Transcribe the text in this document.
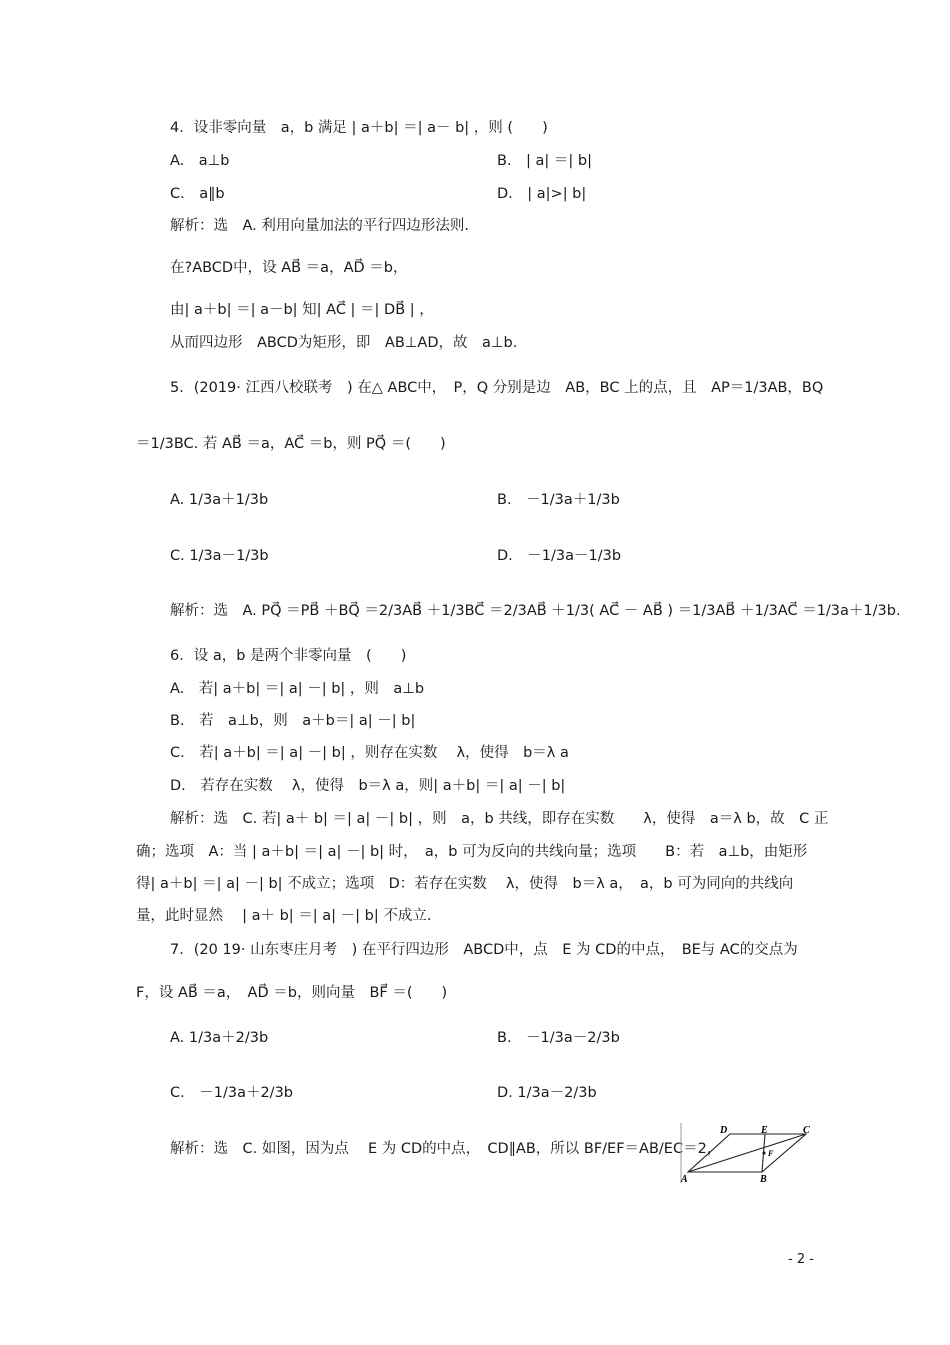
4．设非零向量　a，b 满足 | a＋b| ＝| a－ b| ，则 (　　)
A.　a⊥b	B.　| a| ＝| b|
C.　a∥b	D.　| a|>| b|
解析：选　A. 利用向量加法的平行四边形法则.
在?ABCD中，设 AB⃗ ＝a，AD⃗ ＝b，
由| a＋b| ＝| a－b| 知| AC⃗ | ＝| DB⃗ | ，
从而四边形　ABCD为矩形，即　AB⊥AD，故　a⊥b.
5．(2019· 江西八校联考　) 在△ ABC中，　P，Q 分别是边　AB，BC 上的点，且　AP＝1/3AB，BQ
＝1/3BC. 若 AB⃗ ＝a，AC⃗ ＝b，则 PQ⃗ ＝(　　)
A. 1/3a＋1/3b	B.　－1/3a＋1/3b
C. 1/3a－1/3b	D.　－1/3a－1/3b
解析：选　A. PQ⃗ ＝PB⃗ ＋BQ⃗ ＝2/3AB⃗ ＋1/3BC⃗ ＝2/3AB⃗ ＋1/3( AC⃗ － AB⃗ ) ＝1/3AB⃗ ＋1/3AC⃗ ＝1/3a＋1/3b.
6．设 a，b 是两个非零向量　(　　)
A.　若| a＋b| ＝| a| －| b| ，则　a⊥b
B.　若　a⊥b，则　a＋b＝| a| －| b|
C.　若| a＋b| ＝| a| －| b| ，则存在实数　 λ，使得　b＝λ a
D.　若存在实数　 λ，使得　b＝λ a，则| a＋b| ＝| a| －| b|
解析：选　C. 若| a＋ b| ＝| a| －| b| ，则　a，b 共线，即存在实数　　λ，使得　a＝λ b，故　C 正
确；选项　A：当 | a＋b| ＝| a| －| b| 时，　a，b 可为反向的共线向量；选项　　B：若　a⊥b，由矩形
得| a＋b| ＝| a| －| b| 不成立；选项　D：若存在实数　 λ，使得　b＝λ a，　a，b 可为同向的共线向
量，此时显然　 | a＋ b| ＝| a| －| b| 不成立.
7．(20 19· 山东枣庄月考　) 在平行四边形　ABCD中，点　E 为 CD的中点，　BE与 AC的交点为
F，设 AB⃗ ＝a，　AD⃗ ＝b，则向量　BF⃗ ＝(　　)
A. 1/3a＋2/3b	B.　－1/3a－2/3b
C.　－1/3a＋2/3b	D. 1/3a－2/3b
解析：选　C. 如图，因为点　 E 为 CD的中点，　CD∥AB，所以 BF/EF＝AB/EC＝2，
A	B
C
D	E
F
- 2 -
